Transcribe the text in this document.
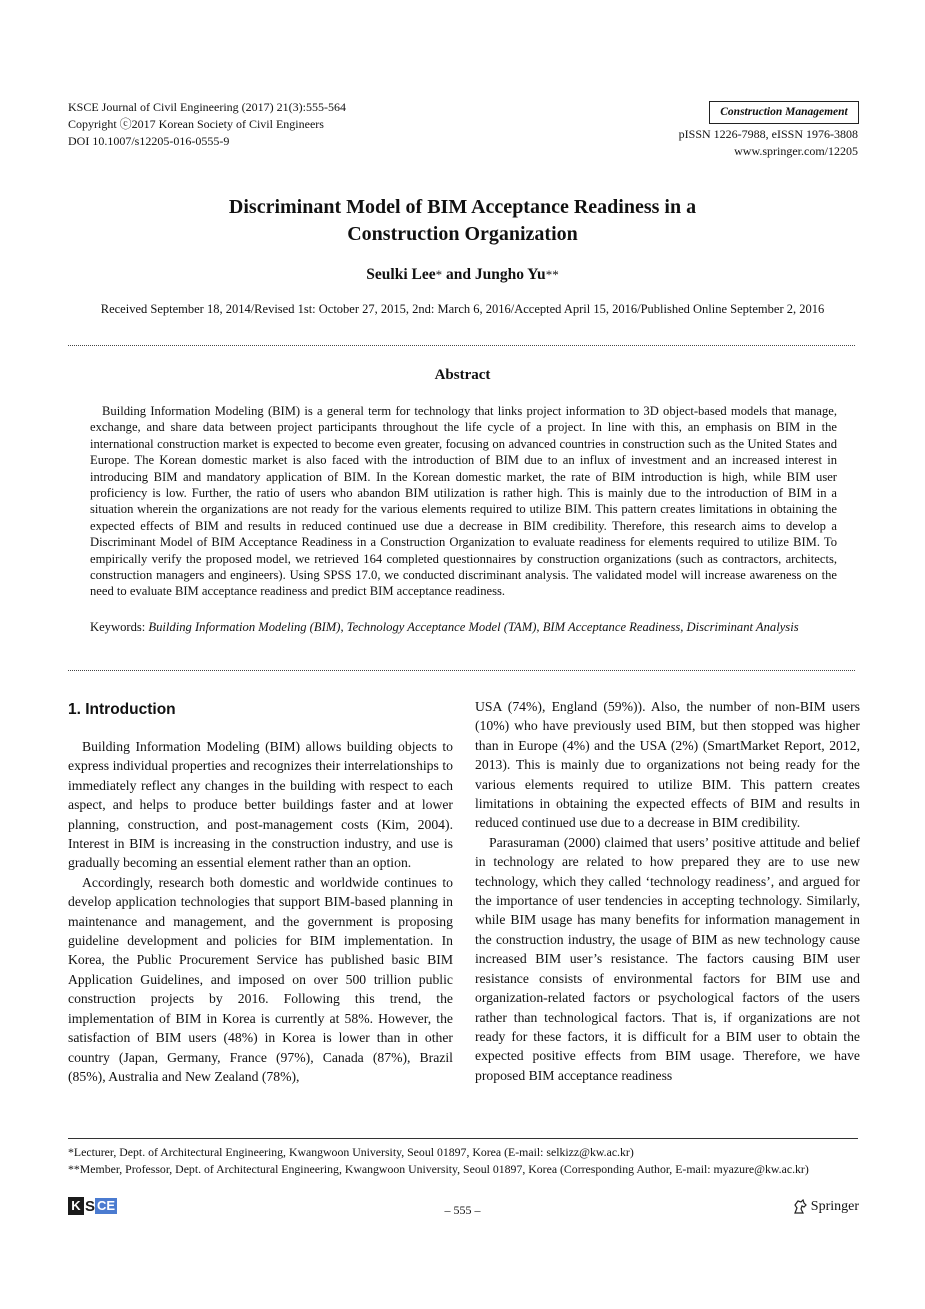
KSCE Journal of Civil Engineering (2017) 21(3):555-564
Copyright ⓒ2017 Korean Society of Civil Engineers
DOI 10.1007/s12205-016-0555-9
Construction Management
pISSN 1226-7988, eISSN 1976-3808
www.springer.com/12205
Discriminant Model of BIM Acceptance Readiness in a
Construction Organization
Seulki Lee* and Jungho Yu**
Received September 18, 2014/Revised 1st: October 27, 2015, 2nd: March 6, 2016/Accepted April 15, 2016/Published Online September 2, 2016
Abstract
Building Information Modeling (BIM) is a general term for technology that links project information to 3D object-based models that manage, exchange, and share data between project participants throughout the life cycle of a project. In line with this, an emphasis on BIM in the international construction market is expected to become even greater, focusing on advanced countries in construction such as the United States and Europe. The Korean domestic market is also faced with the introduction of BIM due to an influx of investment and an increased interest in introducing BIM and mandatory application of BIM. In the Korean domestic market, the rate of BIM introduction is high, while BIM user proficiency is low. Further, the ratio of users who abandon BIM utilization is rather high. This is mainly due to the introduction of BIM in a situation wherein the organizations are not ready for the various elements required to utilize BIM. This pattern creates limitations in obtaining the expected effects of BIM and results in reduced continued use due a decrease in BIM credibility. Therefore, this research aims to develop a Discriminant Model of BIM Acceptance Readiness in a Construction Organization to evaluate readiness for elements required to utilize BIM. To empirically verify the proposed model, we retrieved 164 completed questionnaires by construction organizations (such as contractors, architects, construction managers and engineers). Using SPSS 17.0, we conducted discriminant analysis. The validated model will increase awareness on the need to evaluate BIM acceptance readiness and predict BIM acceptance readiness.
Keywords: Building Information Modeling (BIM), Technology Acceptance Model (TAM), BIM Acceptance Readiness, Discriminant Analysis
1. Introduction

Building Information Modeling (BIM) allows building objects to express individual properties and recognizes their interrelationships to immediately reflect any changes in the building with respect to each aspect, and helps to produce better buildings faster and at lower planning, construction, and post-management costs (Kim, 2004). Interest in BIM is increasing in the construction industry, and use is gradually becoming an essential element rather than an option.

Accordingly, research both domestic and worldwide continues to develop application technologies that support BIM-based planning in maintenance and management, and the government is proposing guideline development and policies for BIM implementation. In Korea, the Public Procurement Service has published basic BIM Application Guidelines, and imposed on over 500 trillion public construction projects by 2016. Following this trend, the implementation of BIM in Korea is currently at 58%. However, the satisfaction of BIM users (48%) in Korea is lower than in other country (Japan, Germany, France (97%), Canada (87%), Brazil (85%), Australia and New Zealand (78%),

USA (74%), England (59%)). Also, the number of non-BIM users (10%) who have previously used BIM, but then stopped was higher than in Europe (4%) and the USA (2%) (SmartMarket Report, 2012, 2013). This is mainly due to organizations not being ready for the various elements required to utilize BIM. This pattern creates limitations in obtaining the expected effects of BIM and results in reduced continued use due to a decrease in BIM credibility.

Parasuraman (2000) claimed that users’ positive attitude and belief in technology are related to how prepared they are to use new technology, which they called ‘technology readiness’, and argued for the importance of user tendencies in accepting technology. Similarly, while BIM usage has many benefits for information management in the construction industry, the usage of BIM as new technology cause increased BIM user’s resistance. The factors causing BIM user resistance consists of environmental factors for BIM use and organization-related factors or psychological factors of the users rather than technological factors. That is, if organizations are not ready for these factors, it is difficult for a BIM user to obtain the expected positive effects from BIM usage. Therefore, we have proposed BIM acceptance readiness

*Lecturer, Dept. of Architectural Engineering, Kwangwoon University, Seoul 01897, Korea (E-mail: selkizz@kw.ac.kr)
**Member, Professor, Dept. of Architectural Engineering, Kwangwoon University, Seoul 01897, Korea (Corresponding Author, E-mail: myazure@kw.ac.kr)
K S CE	– 555 –	Springer
